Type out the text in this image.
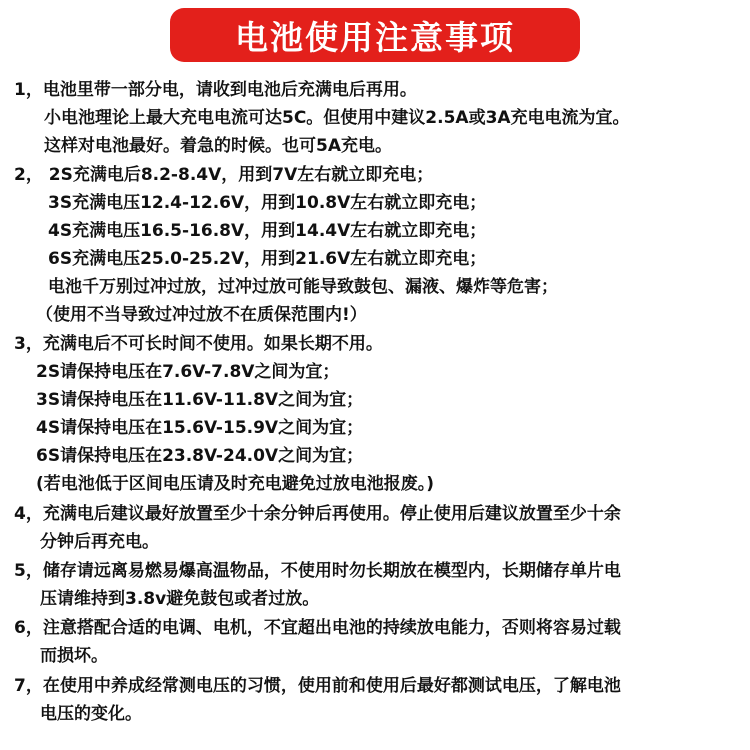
电池使用注意事项
1，电池里带一部分电，请收到电池后充满电后再用。
小电池理论上最大充电电流可达5C。但使用中建议2.5A或3A充电电流为宜。
这样对电池最好。着急的时候。也可5A充电。
2， 2S充满电后8.2-8.4V，用到7V左右就立即充电；
3S充满电压12.4-12.6V，用到10.8V左右就立即充电；
4S充满电压16.5-16.8V，用到14.4V左右就立即充电；
6S充满电压25.0-25.2V，用到21.6V左右就立即充电；
电池千万别过冲过放，过冲过放可能导致鼓包、漏液、爆炸等危害；
（使用不当导致过冲过放不在质保范围内!）
3，充满电后不可长时间不使用。如果长期不用。
2S请保持电压在7.6V-7.8V之间为宜；
3S请保持电压在11.6V-11.8V之间为宜；
4S请保持电压在15.6V-15.9V之间为宜；
6S请保持电压在23.8V-24.0V之间为宜；
(若电池低于区间电压请及时充电避免过放电池报废。)
4，充满电后建议最好放置至少十余分钟后再使用。停止使用后建议放置至少十余
分钟后再充电。
5，储存请远离易燃易爆高温物品，不使用时勿长期放在模型内，长期储存单片电
压请维持到3.8v避免鼓包或者过放。
6，注意搭配合适的电调、电机，不宜超出电池的持续放电能力，否则将容易过载
而损坏。
7，在使用中养成经常测电压的习惯，使用前和使用后最好都测试电压，了解电池
电压的变化。
